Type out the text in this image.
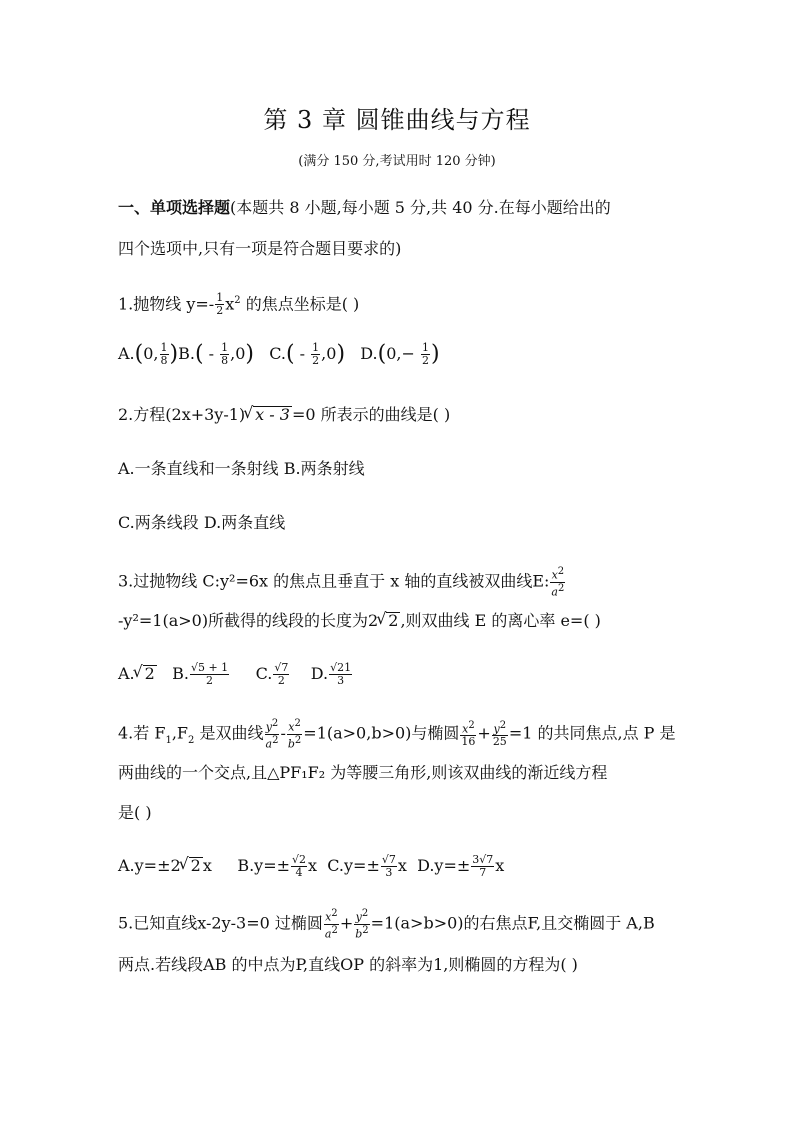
第 3 章 圆锥曲线与方程
(满分 150 分,考试用时 120 分钟)
一、单项选择题(本题共 8 小题,每小题 5 分,共 40 分.在每小题给出的
四个选项中,只有一项是符合题目要求的)
1.抛物线 $y=- \frac{1}{2} x^2$ 的焦点坐标是( )
A.(0, $\frac{1}{8} )B.( - \frac{1}{8} ,0)$ $C.( - \frac{1}{2} ,0)$ $D.(0,- \frac{1}{2}$ )
2.方程(2x+3y-1) √ x - 3 =0 所表示的曲线是( )
A.一条直线和一条射线 B.两条射线
C.两条线段 D.两条直线
3.过抛物线 C:y²=6x 的焦点且垂直于 x 轴的直线被双曲线E: $\frac{x^2}{a^2}$
-y²=1(a>0)所截得的线段的长度为2 √ 2 ,则双曲线 E 的离心率 e=( )
A. √ 2 B. $\frac{√5 + 1}{2} C$. $\frac{√7}{2} D$. $\frac{√21}{3}$
4.若 $F_1,F_2$ 是双曲线 $\frac{y^2}{a^2} - \frac{x^2}{b^2} =1(a>0,b>0)$与椭圆 $\frac{x^2}{16} + \frac{y^2}{25} =1$ 的共同焦点,点 P 是
两曲线的一个交点,且△PF₁F₂ 为等腰三角形,则该双曲线的渐近线方程
是( )
A.y=±2 √ 2 x     $B.y=\pm \frac{√2}{4}$ x  $C.y=\pm \frac{√7}{3}$ x  $D.y=\pm \frac{3√7}{7}$ x
5.已知直线x-2y-3=0 过椭圆 $\frac{x^2}{a^2} + \frac{y^2}{b^2} =1(a>b>0)$的右焦点F,且交椭圆于 A,B
两点.若线段AB 的中点为P,直线OP 的斜率为1,则椭圆的方程为( )
